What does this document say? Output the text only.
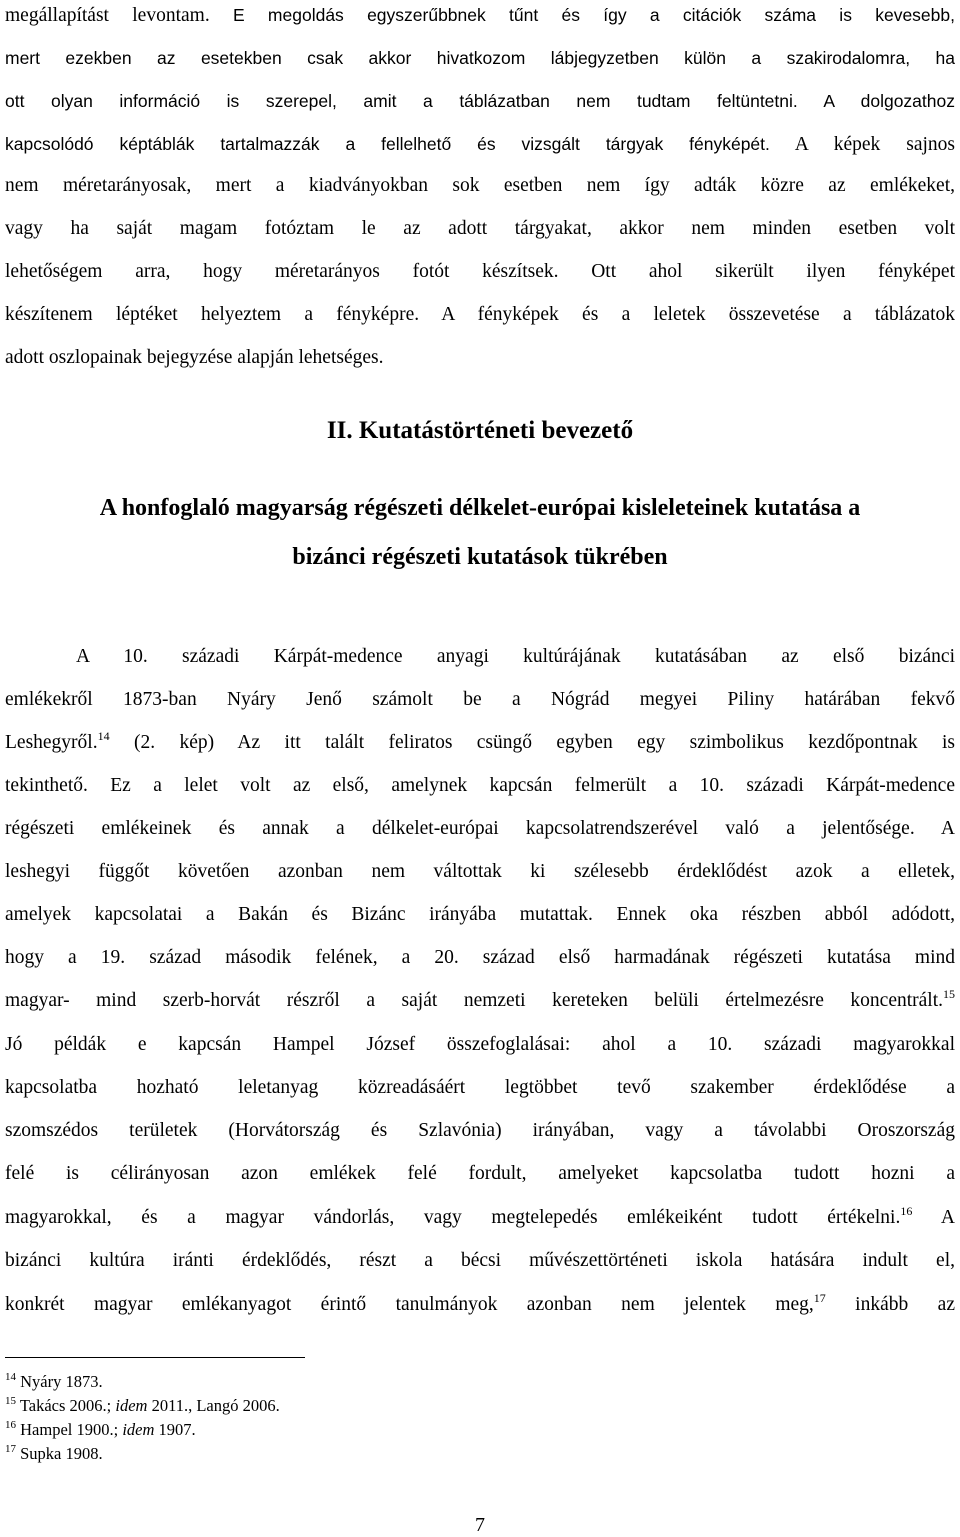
megállapítást levontam. E megoldás egyszerűbbnek tűnt és így a citációk száma is kevesebb,
mert ezekben az esetekben csak akkor hivatkozom lábjegyzetben külön a szakirodalomra, ha
ott olyan információ is szerepel, amit a táblázatban nem tudtam feltüntetni. A dolgozathoz
kapcsolódó képtáblák tartalmazzák a fellelhető és vizsgált tárgyak fényképét. A képek sajnos
nem méretarányosak, mert a kiadványokban sok esetben nem így adták közre az emlékeket,
vagy ha saját magam fotóztam le az adott tárgyakat, akkor nem minden esetben volt
lehetőségem arra, hogy méretarányos fotót készítsek. Ott ahol sikerült ilyen fényképet
készítenem léptéket helyeztem a fényképre. A fényképek és a leletek összevetése a táblázatok
adott oszlopainak bejegyzése alapján lehetséges.
II. Kutatástörténeti bevezető
A honfoglaló magyarság régészeti délkelet-európai kisleleteinek kutatása a
bizánci régészeti kutatások tükrében
A 10. századi Kárpát-medence anyagi kultúrájának kutatásában az első bizánci
emlékekről 1873-ban Nyáry Jenő számolt be a Nógrád megyei Piliny határában fekvő
Leshegyről.$^{14}$ (2. kép) Az itt talált feliratos csüngő egyben egy szimbolikus kezdőpontnak is
tekinthető. Ez a lelet volt az első, amelynek kapcsán felmerült a 10. századi Kárpát-medence
régészeti emlékeinek és annak a délkelet-európai kapcsolatrendszerével való a jelentősége. A
leshegyi függőt követően azonban nem váltottak ki szélesebb érdeklődést azok a elletek,
amelyek kapcsolatai a Bakán és Bizánc irányába mutattak. Ennek oka részben abból adódott,
hogy a 19. század második felének, a 20. század első harmadának régészeti kutatása mind
magyar- mind szerb-horvát részről a saját nemzeti kereteken belüli értelmezésre koncentrált.$^{15}$
Jó példák e kapcsán Hampel József összefoglalásai: ahol a 10. századi magyarokkal
kapcsolatba hozható leletanyag közreadásáért legtöbbet tevő szakember érdeklődése a
szomszédos területek (Horvátország és Szlavónia) irányában, vagy a távolabbi Oroszország
felé is célirányosan azon emlékek felé fordult, amelyeket kapcsolatba tudott hozni a
magyarokkal, és a magyar vándorlás, vagy megtelepedés emlékeiként tudott értékelni.$^{16}$ A
bizánci kultúra iránti érdeklődés, részt a bécsi művészettörténeti iskola hatására indult el,
konkrét magyar emlékanyagot érintő tanulmányok azonban nem jelentek meg,$^{17}$ inkább az
$^{14}$ Nyáry 1873.
$^{15}$ Takács 2006.; idem 2011., Langó 2006.
$^{16}$ Hampel 1900.; idem 1907.
$^{17}$ Supka 1908.
7
